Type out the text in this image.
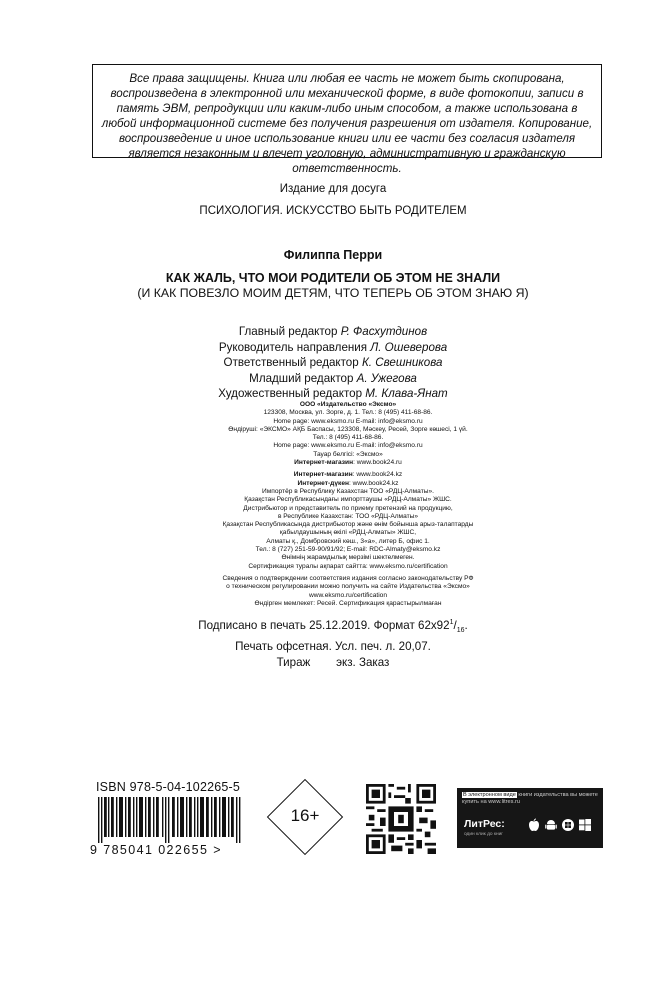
Все права защищены. Книга или любая ее часть не может быть скопирована, воспроизведена в электронной или механической форме, в виде фотокопии, записи в память ЭВМ, репродукции или каким-либо иным способом, а также использована в любой информационной системе без получения разрешения от издателя. Копирование, воспроизведение и иное использование книги или ее части без согласия издателя является незаконным и влечет уголовную, административную и гражданскую ответственность.
Издание для досуга
ПСИХОЛОГИЯ. ИСКУССТВО БЫТЬ РОДИТЕЛЕМ
Филиппа Перри
КАК ЖАЛЬ, ЧТО МОИ РОДИТЕЛИ ОБ ЭТОМ НЕ ЗНАЛИ
(И КАК ПОВЕЗЛО МОИМ ДЕТЯМ, ЧТО ТЕПЕРЬ ОБ ЭТОМ ЗНАЮ Я)
Главный редактор Р. Фасхутдинов
Руководитель направления Л. Ошеверова
Ответственный редактор К. Свешникова
Младший редактор А. Ужегова
Художественный редактор М. Клава-Янат
ООО «Издательство «Эксмо»
123308, Москва, ул. Зорге, д. 1. Тел.: 8 (495) 411-68-86.
Home page: www.eksmo.ru E-mail: info@eksmo.ru
Өндіруші: «ЭКСМО» АҚБ Баспасы, 123308, Мәскеу, Ресей, Зорге көшесі, 1 үй.
Тел.: 8 (495) 411-68-86.
Home page: www.eksmo.ru E-mail: info@eksmo.ru
Тауар белгісі: «Эксмо»
Интернет-магазин: www.book24.ru
Интернет-магазин: www.book24.kz
Интернет-дүкен: www.book24.kz
Импортёр в Республику Казахстан ТОО «РДЦ-Алматы».
Қазақстан Республикасындағы импорттаушы «РДЦ-Алматы» ЖШС.
Дистрибьютор и представитель по приему претензий на продукцию,
в Республике Казахстан: ТОО «РДЦ-Алматы»
Қазақстан Республикасында дистрибьютор және өнім бойынша арыз-талаптарды
қабылдаушының өкілі «РДЦ-Алматы» ЖШС,
Алматы қ., Домбровский көш., 3«а», литер Б, офис 1.
Тел.: 8 (727) 251-59-90/91/92; E-mail: RDC-Almaty@eksmo.kz
Өнімнің жарамдылық мерзімі шектелмеген.
Сертификация туралы ақпарат сайтта: www.eksmo.ru/certification
Сведения о подтверждении соответствия издания согласно законодательству РФ
о техническом регулировании можно получить на сайте Издательства «Эксмо»
www.eksmo.ru/certification
Өндірген мемлекет: Ресей. Сертификация қарастырылмаған
Подписано в печать 25.12.2019. Формат $62x92^1/_{16}$.
Печать офсетная. Усл. печ. л. 20,07.
Тираж        экз. Заказ
ISBN 978-5-04-102265-5
9 785041 022655 >
16+
В электронном виде книги издательства вы можете купить на www.litres.ru
ЛитРес:
один клик до книг
